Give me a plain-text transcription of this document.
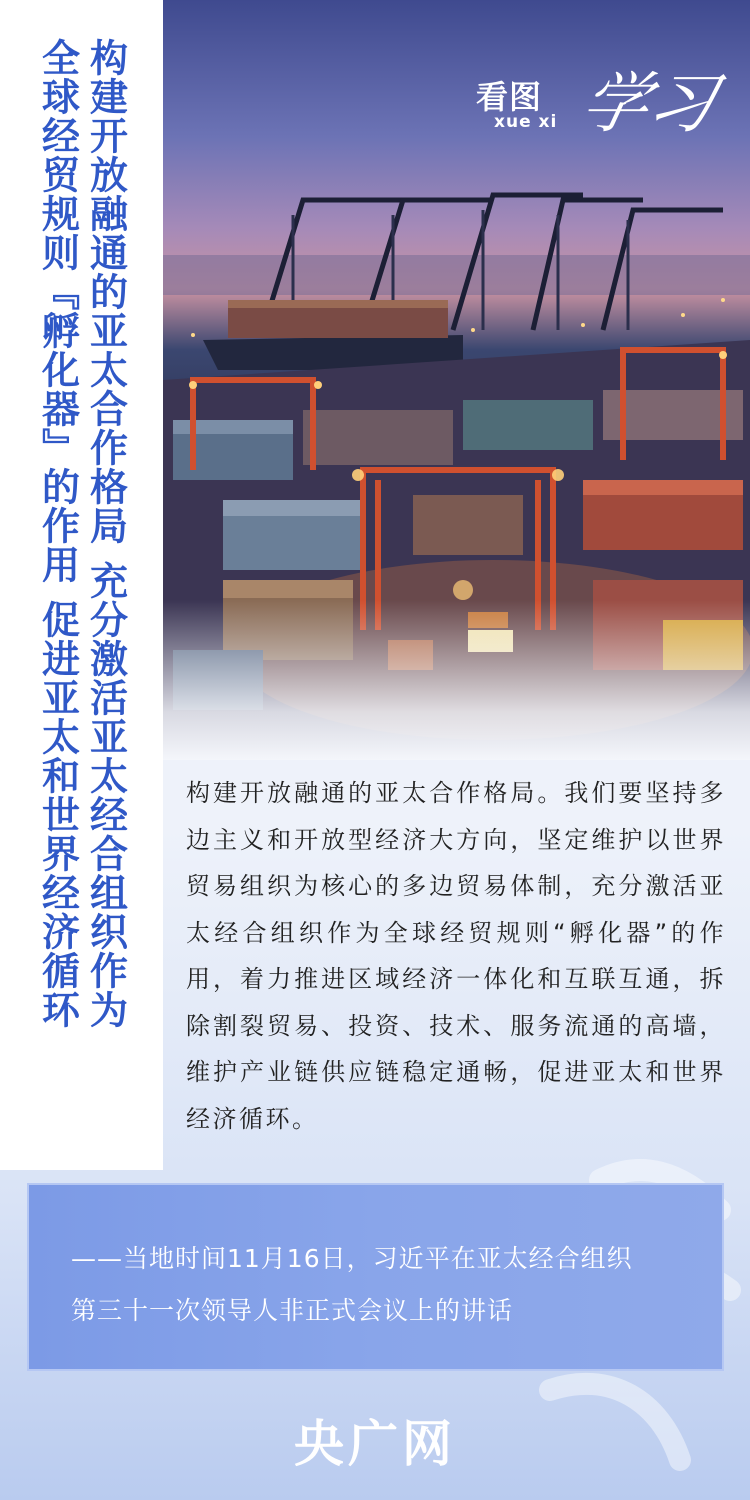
构建开放融通的亚太合作格局充分激活亚太经合组织作为
全球经贸规则『孵化器』的作用促进亚太和世界经济循环
看图
xue xi 学习
构建开放融通的亚太合作格局。我们要坚持多边主义和开放型经济大方向，坚定维护以世界贸易组织为核心的多边贸易体制，充分激活亚太经合组织作为全球经贸规则“孵化器”的作用，着力推进区域经济一体化和互联互通，拆除割裂贸易、投资、技术、服务流通的高墙，维护产业链供应链稳定通畅，促进亚太和世界经济循环。
——当地时间11月16日，习近平在亚太经合组织
第三十一次领导人非正式会议上的讲话
央广网
